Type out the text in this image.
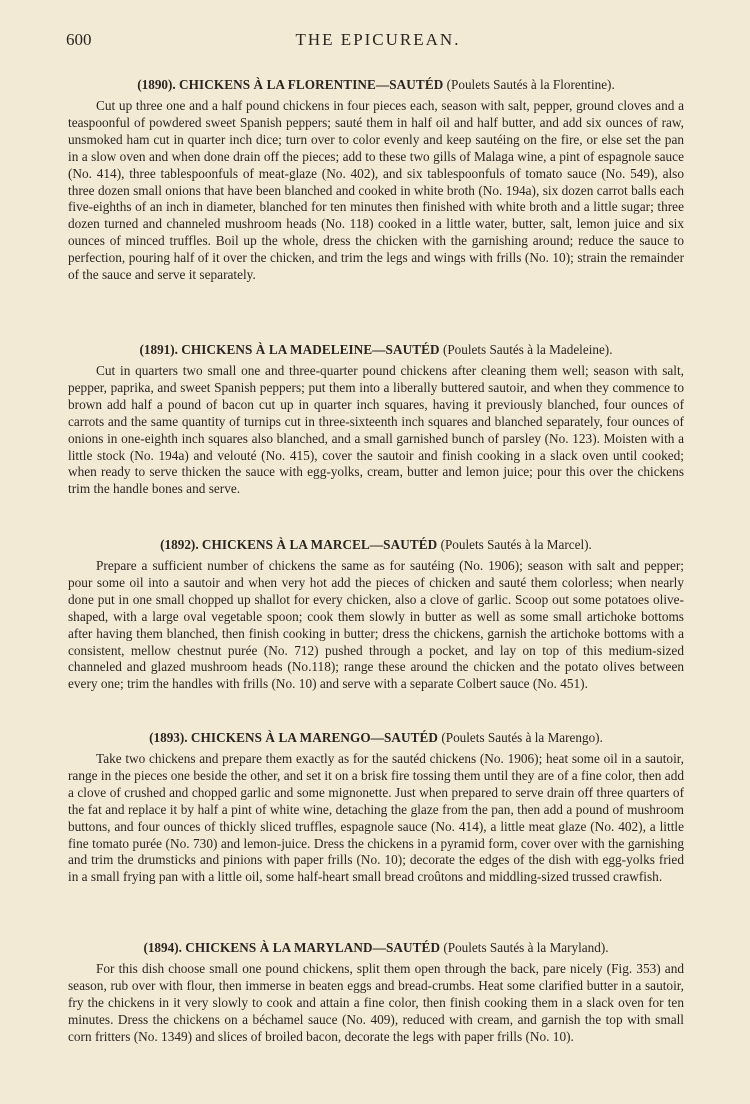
600	THE EPICUREAN.
(1890). CHICKENS À LA FLORENTINE—SAUTÉD (Poulets Sautés à la Florentine).

Cut up three one and a half pound chickens in four pieces each, season with salt, pepper, ground cloves and a teaspoonful of powdered sweet Spanish peppers; sauté them in half oil and half butter, and add six ounces of raw, unsmoked ham cut in quarter inch dice; turn over to color evenly and keep sautéing on the fire, or else set the pan in a slow oven and when done drain off the pieces; add to these two gills of Malaga wine, a pint of espagnole sauce (No. 414), three tablespoonfuls of meat-glaze (No. 402), and six tablespoonfuls of tomato sauce (No. 549), also three dozen small onions that have been blanched and cooked in white broth (No. 194a), six dozen carrot balls each five-eighths of an inch in diameter, blanched for ten minutes then finished with white broth and a little sugar; three dozen turned and channeled mushroom heads (No. 118) cooked in a little water, butter, salt, lemon juice and six ounces of minced truffles. Boil up the whole, dress the chicken with the garnishing around; reduce the sauce to perfection, pouring half of it over the chicken, and trim the legs and wings with frills (No. 10); strain the remainder of the sauce and serve it separately.

(1891). CHICKENS À LA MADELEINE—SAUTÉD (Poulets Sautés à la Madeleine).

Cut in quarters two small one and three-quarter pound chickens after cleaning them well; season with salt, pepper, paprika, and sweet Spanish peppers; put them into a liberally buttered sautoir, and when they commence to brown add half a pound of bacon cut up in quarter inch squares, having it previously blanched, four ounces of carrots and the same quantity of turnips cut in three-sixteenth inch squares and blanched separately, four ounces of onions in one-eighth inch squares also blanched, and a small garnished bunch of parsley (No. 123). Moisten with a little stock (No. 194a) and velouté (No. 415), cover the sautoir and finish cooking in a slack oven until cooked; when ready to serve thicken the sauce with egg-yolks, cream, butter and lemon juice; pour this over the chickens trim the handle bones and serve.

(1892). CHICKENS À LA MARCEL—SAUTÉD (Poulets Sautés à la Marcel).

Prepare a sufficient number of chickens the same as for sautéing (No. 1906); season with salt and pepper; pour some oil into a sautoir and when very hot add the pieces of chicken and sauté them colorless; when nearly done put in one small chopped up shallot for every chicken, also a clove of garlic. Scoop out some potatoes olive-shaped, with a large oval vegetable spoon; cook them slowly in butter as well as some small artichoke bottoms after having them blanched, then finish cooking in butter; dress the chickens, garnish the artichoke bottoms with a consistent, mellow chestnut purée (No. 712) pushed through a pocket, and lay on top of this medium-sized channeled and glazed mushroom heads (No.118); range these around the chicken and the potato olives between every one; trim the handles with frills (No. 10) and serve with a separate Colbert sauce (No. 451).

(1893). CHICKENS À LA MARENGO—SAUTÉD (Poulets Sautés à la Marengo).

Take two chickens and prepare them exactly as for the sautéd chickens (No. 1906); heat some oil in a sautoir, range in the pieces one beside the other, and set it on a brisk fire tossing them until they are of a fine color, then add a clove of crushed and chopped garlic and some mignonette. Just when prepared to serve drain off three quarters of the fat and replace it by half a pint of white wine, detaching the glaze from the pan, then add a pound of mushroom buttons, and four ounces of thickly sliced truffles, espagnole sauce (No. 414), a little meat glaze (No. 402), a little fine tomato purée (No. 730) and lemon-juice. Dress the chickens in a pyramid form, cover over with the garnishing and trim the drumsticks and pinions with paper frills (No. 10); decorate the edges of the dish with egg-yolks fried in a small frying pan with a little oil, some half-heart small bread croûtons and middling-sized trussed crawfish.

(1894). CHICKENS À LA MARYLAND—SAUTÉD (Poulets Sautés à la Maryland).

For this dish choose small one pound chickens, split them open through the back, pare nicely (Fig. 353) and season, rub over with flour, then immerse in beaten eggs and bread-crumbs. Heat some clarified butter in a sautoir, fry the chickens in it very slowly to cook and attain a fine color, then finish cooking them in a slack oven for ten minutes. Dress the chickens on a béchamel sauce (No. 409), reduced with cream, and garnish the top with small corn fritters (No. 1349) and slices of broiled bacon, decorate the legs with paper frills (No. 10).
